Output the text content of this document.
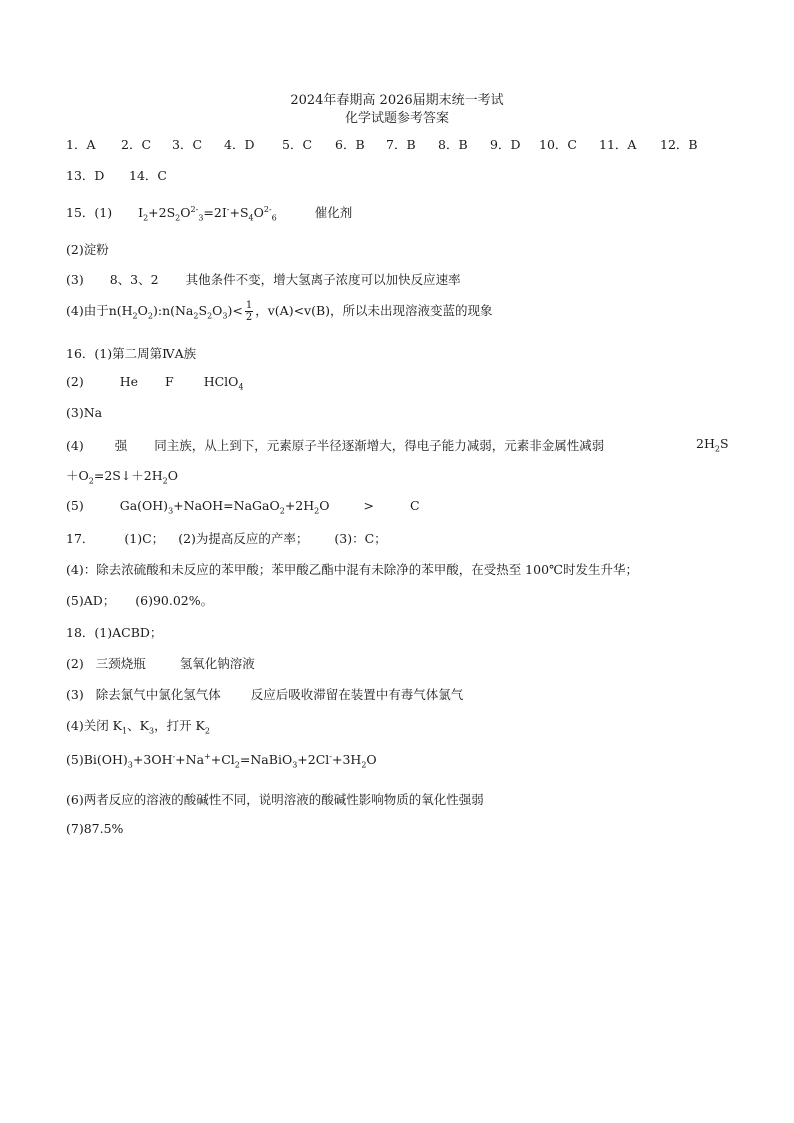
2024年春期高 2026届期末统一考试
化学试题参考答案
1．A	2．C	3．C	4．D	5．C	6．B	7．B	8．B	9．D	10．C	11．A	12．B
13．D	14．C
15．(1) $I_2+2S_2O^{2-}_3=2I^-+S_4O^{2-}_6$	催化剂
(2)淀粉
(3) 8、3、2 其他条件不变，增大氢离子浓度可以加快反应速率
(4)由于$n(H_2O_2):n(Na_2S_2O_3)< \frac{1}{2}$ ，v(A)<v(B)，所以未出现溶液变蓝的现象
16．(1)第二周第ⅣA族
(2)	He F HClO$_4$
(3)Na
(4) 强 同主族，从上到下，元素原子半径逐渐增大，得电子能力减弱，元素非金属性减弱	$2H_2S$
$+O_2=2S↓+2H_2O$
(5)	$Ga(OH)_3+NaOH=NaGaO_2+2H_2O$	>	C
17． (1)C； (2)为提高反应的产率； (3)：C；
(4)：除去浓硫酸和未反应的苯甲酸；苯甲酸乙酯中混有未除净的苯甲酸，在受热至 100℃时发生升华；
(5)AD； (6)90.02%。
18．(1)ACBD；
(2) 三颈烧瓶	氢氧化钠溶液
(3) 除去氯气中氯化氢气体 反应后吸收滞留在装置中有毒气体氯气
(4)关闭 $K_1$、$K_3$，打开 $K_2$
$(5)Bi(OH)_3+3OH^-+Na^++Cl_2=NaBiO_3+2Cl^-+3H_2O$
(6)两者反应的溶液的酸碱性不同，说明溶液的酸碱性影响物质的氧化性强弱
(7)87.5%
